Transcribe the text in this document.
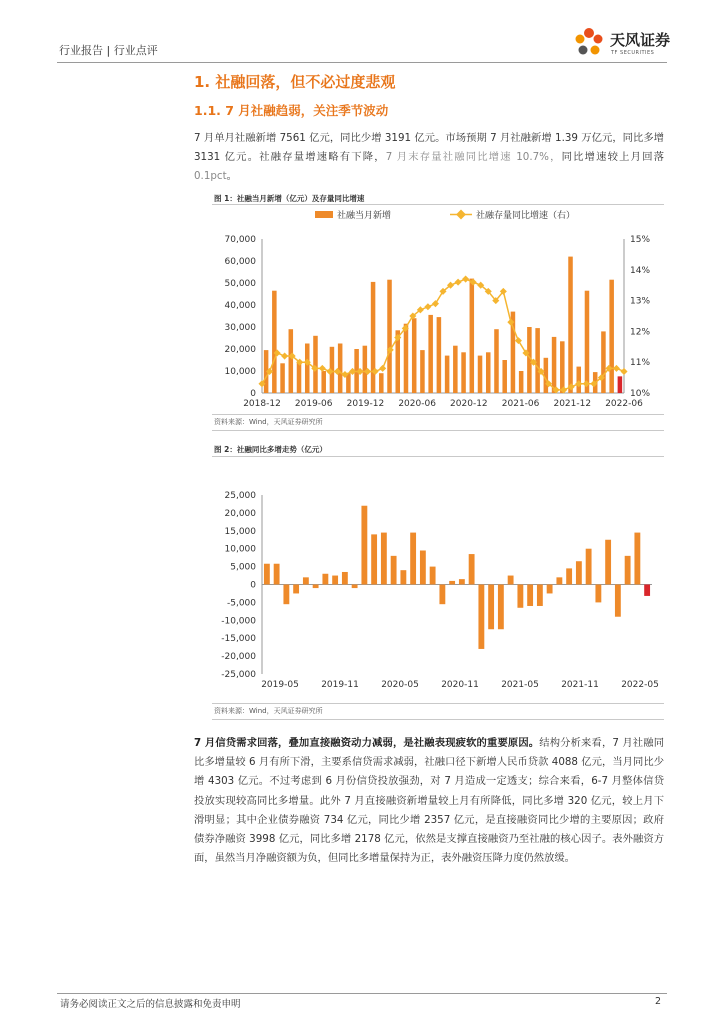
行业报告 | 行业点评
天风证券
TF SECURITIES
1. 社融回落，但不必过度悲观
1.1. 7 月社融趋弱，关注季节波动
7 月单月社融新增 7561 亿元，同比少增 3191 亿元。市场预期 7 月社融新增 1.39 万亿元，同比多增 3131 亿元。社融存量增速略有下降，7 月末存量社融同比增速 10.7%，同比增速较上月回落 0.1pct。
图 1：社融当月新增（亿元）及存量同比增速
社融当月新增	社融存量同比增速（右）
0
10,000
20,000
30,000
40,000
50,000
60,000
70,000
10%
11%
12%
13%
14%
15%
2018-12 2019-06 2019-12 2020-06 2020-12 2021-06 2021-12 2022-06
资料来源：Wind，天风证券研究所
图 2：社融同比多增走势（亿元）
25,000
20,000
15,000
10,000
5,000
0
-5,000
-10,000
-15,000
-20,000
-25,000
2019-05 2019-11 2020-05 2020-11 2021-05 2021-11 2022-05
资料来源：Wind，天风证券研究所
7 月信贷需求回落，叠加直接融资动力减弱，是社融表现疲软的重要原因。结构分析来看，7 月社融同比多增量较 6 月有所下滑，主要系信贷需求减弱，社融口径下新增人民币贷款 4088 亿元，当月同比少增 4303 亿元。不过考虑到 6 月份信贷投放强劲，对 7 月造成一定透支；综合来看，6-7 月整体信贷投放实现较高同比多增量。此外 7 月直接融资新增量较上月有所降低，同比多增 320 亿元，较上月下滑明显；其中企业债券融资 734 亿元，同比少增 2357 亿元，是直接融资同比少增的主要原因；政府债券净融资 3998 亿元，同比多增 2178 亿元，依然是支撑直接融资乃至社融的核心因子。表外融资方面，虽然当月净融资额为负，但同比多增量保持为正，表外融资压降力度仍然放缓。
请务必阅读正文之后的信息披露和免责申明	2
